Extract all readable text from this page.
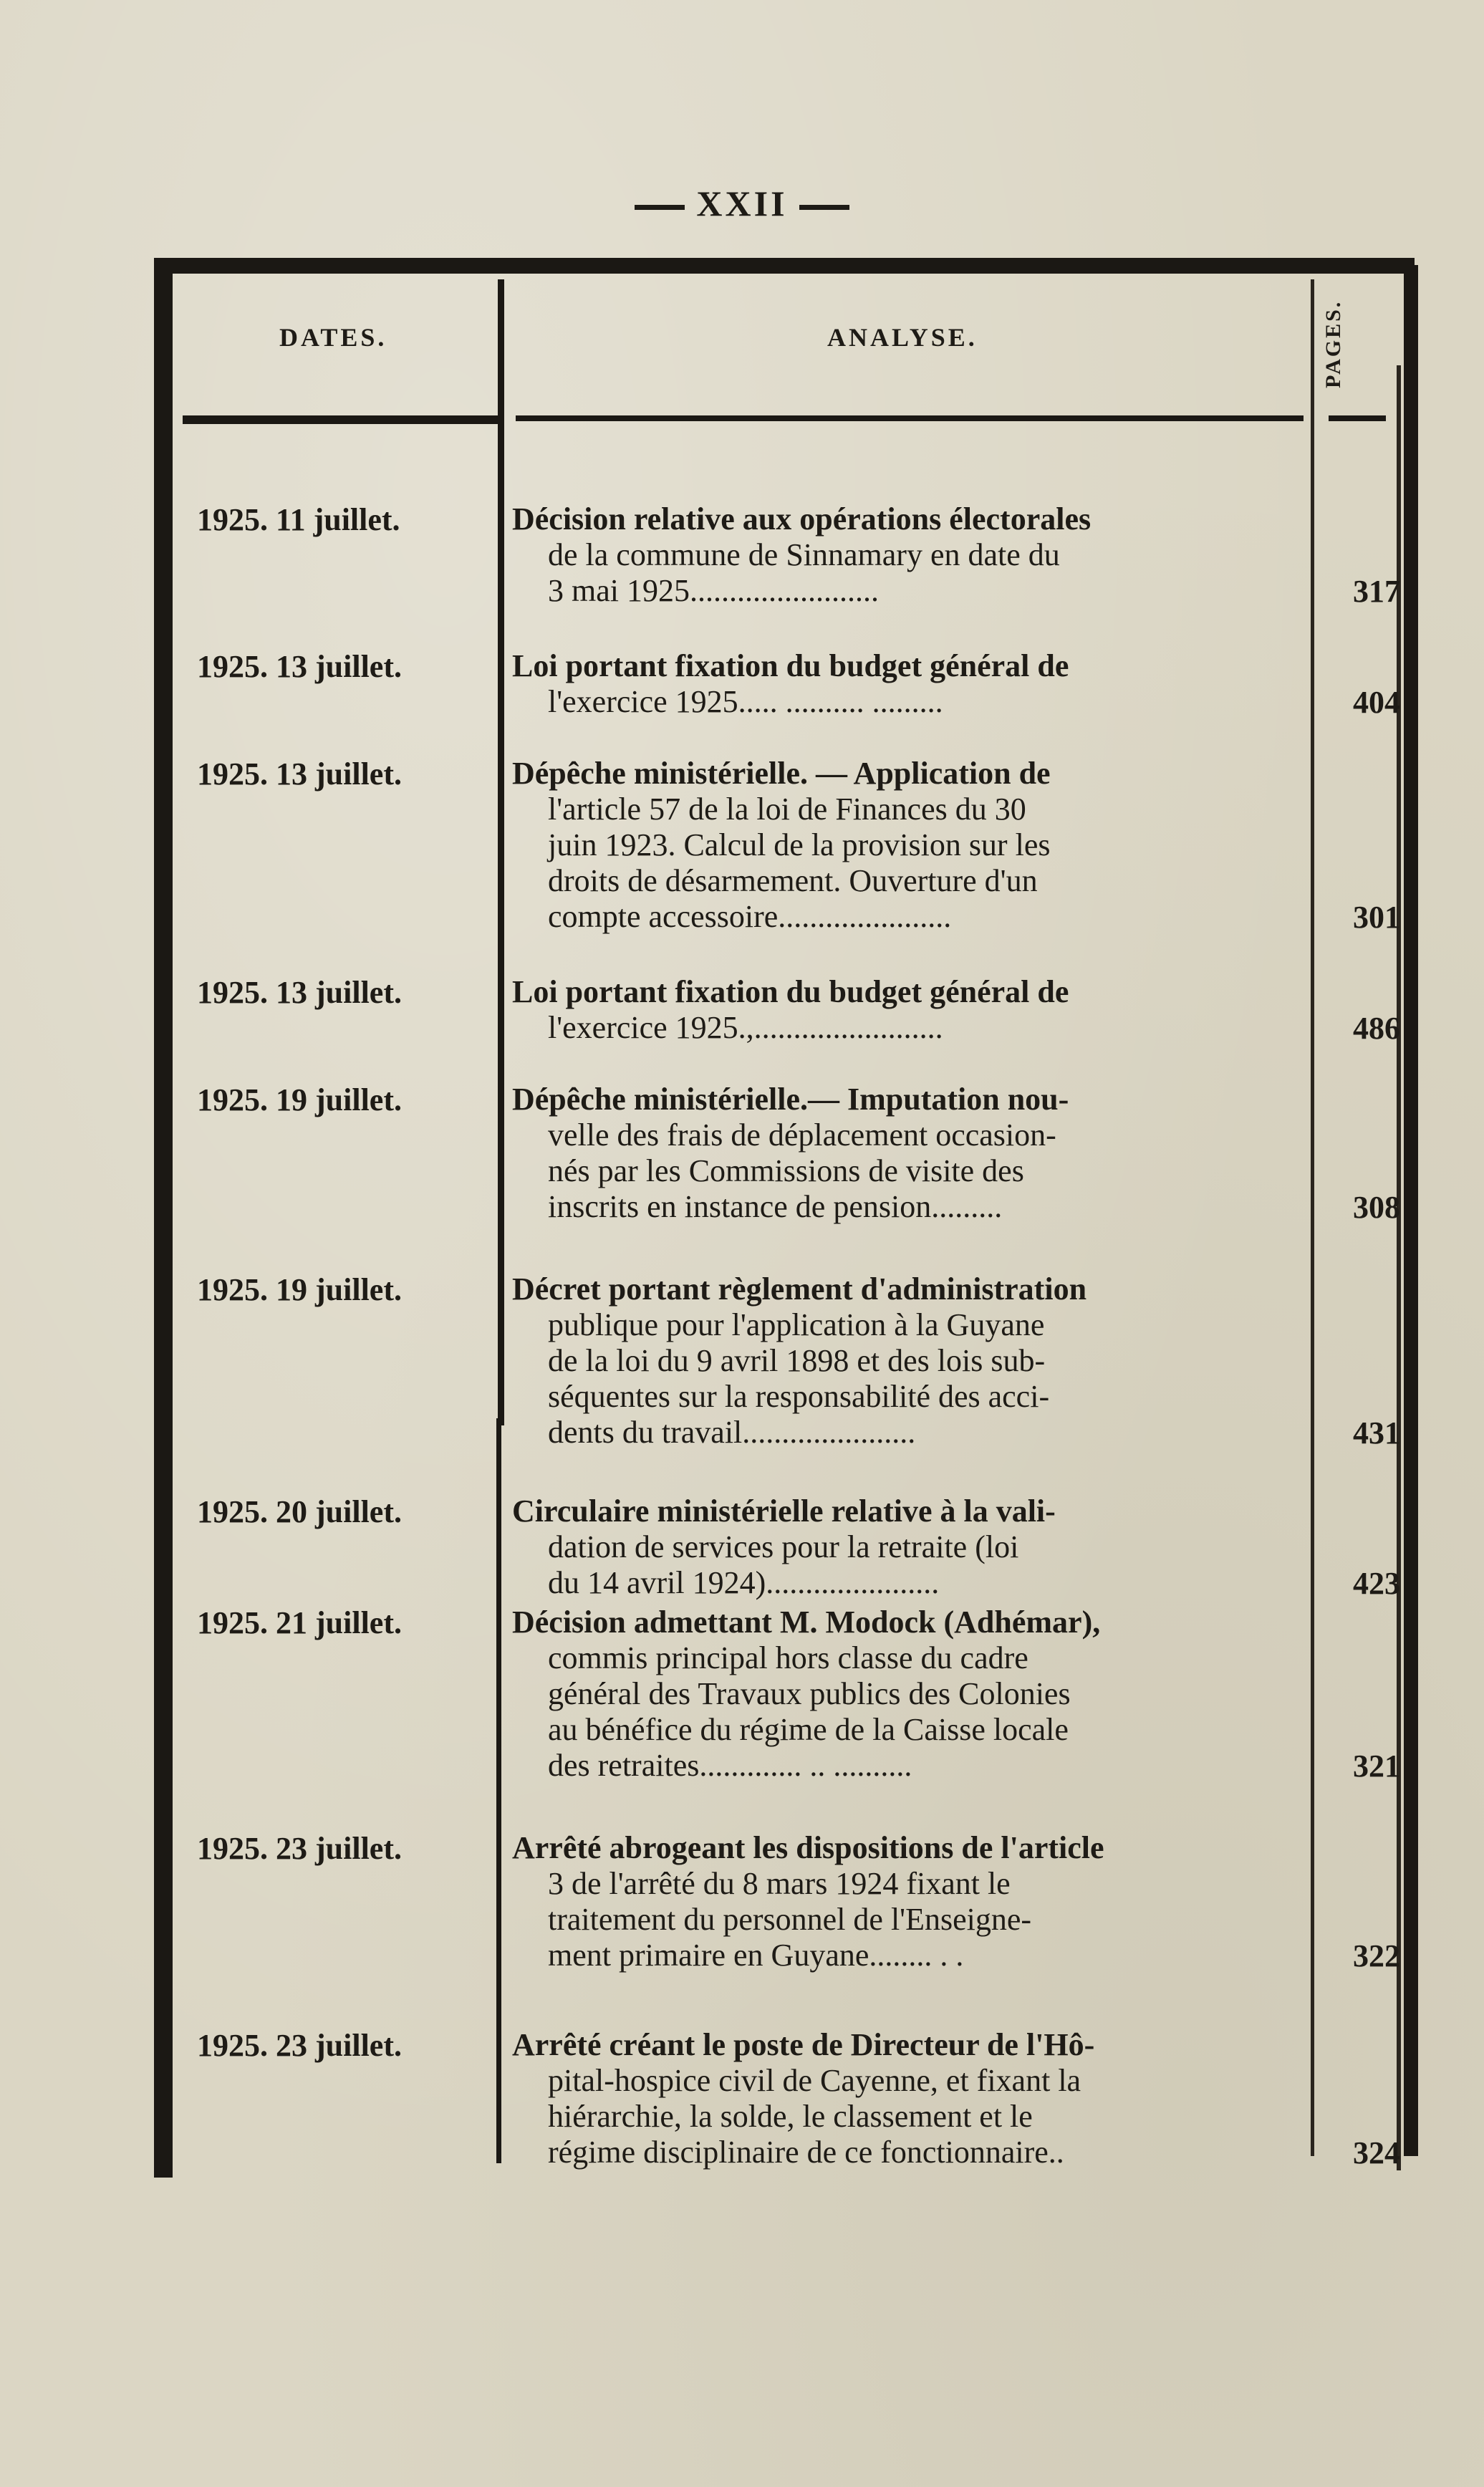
XXII
DATES.	ANALYSE.	PAGES.
1925. 11 juillet.	Décision relative aux opérations électorales
de la commune de Sinnamary en date du
3 mai 1925........................	317
1925. 13 juillet.	Loi portant fixation du budget général de
l'exercice 1925..... .......... .........	404
1925. 13 juillet.	Dépêche ministérielle. — Application de
l'article 57 de la loi de Finances du 30
juin 1923. Calcul de la provision sur les
droits de désarmement. Ouverture d'un
compte accessoire......................	301
1925. 13 juillet.	Loi portant fixation du budget général de
l'exercice 1925.,........................	486
1925. 19 juillet.	Dépêche ministérielle.— Imputation nou-
velle des frais de déplacement occasion-
nés par les Commissions de visite des
inscrits en instance de pension.........	308
1925. 19 juillet.	Décret portant règlement d'administration
publique pour l'application à la Guyane
de la loi du 9 avril 1898 et des lois sub-
séquentes sur la responsabilité des acci-
dents du travail......................	431
1925. 20 juillet.	Circulaire ministérielle relative à la vali-
dation de services pour la retraite (loi
du 14 avril 1924)......................	423
1925. 21 juillet.	Décision admettant M. Modock (Adhémar),
commis principal hors classe du cadre
général des Travaux publics des Colonies
au bénéfice du régime de la Caisse locale
des retraites............. .. ..........	321
1925. 23 juillet.	Arrêté abrogeant les dispositions de l'article
3 de l'arrêté du 8 mars 1924 fixant le
traitement du personnel de l'Enseigne-
ment primaire en Guyane........ . .	322
1925. 23 juillet.	Arrêté créant le poste de Directeur de l'Hô-
pital-hospice civil de Cayenne, et fixant la
hiérarchie, la solde, le classement et le
régime disciplinaire de ce fonctionnaire..	324
